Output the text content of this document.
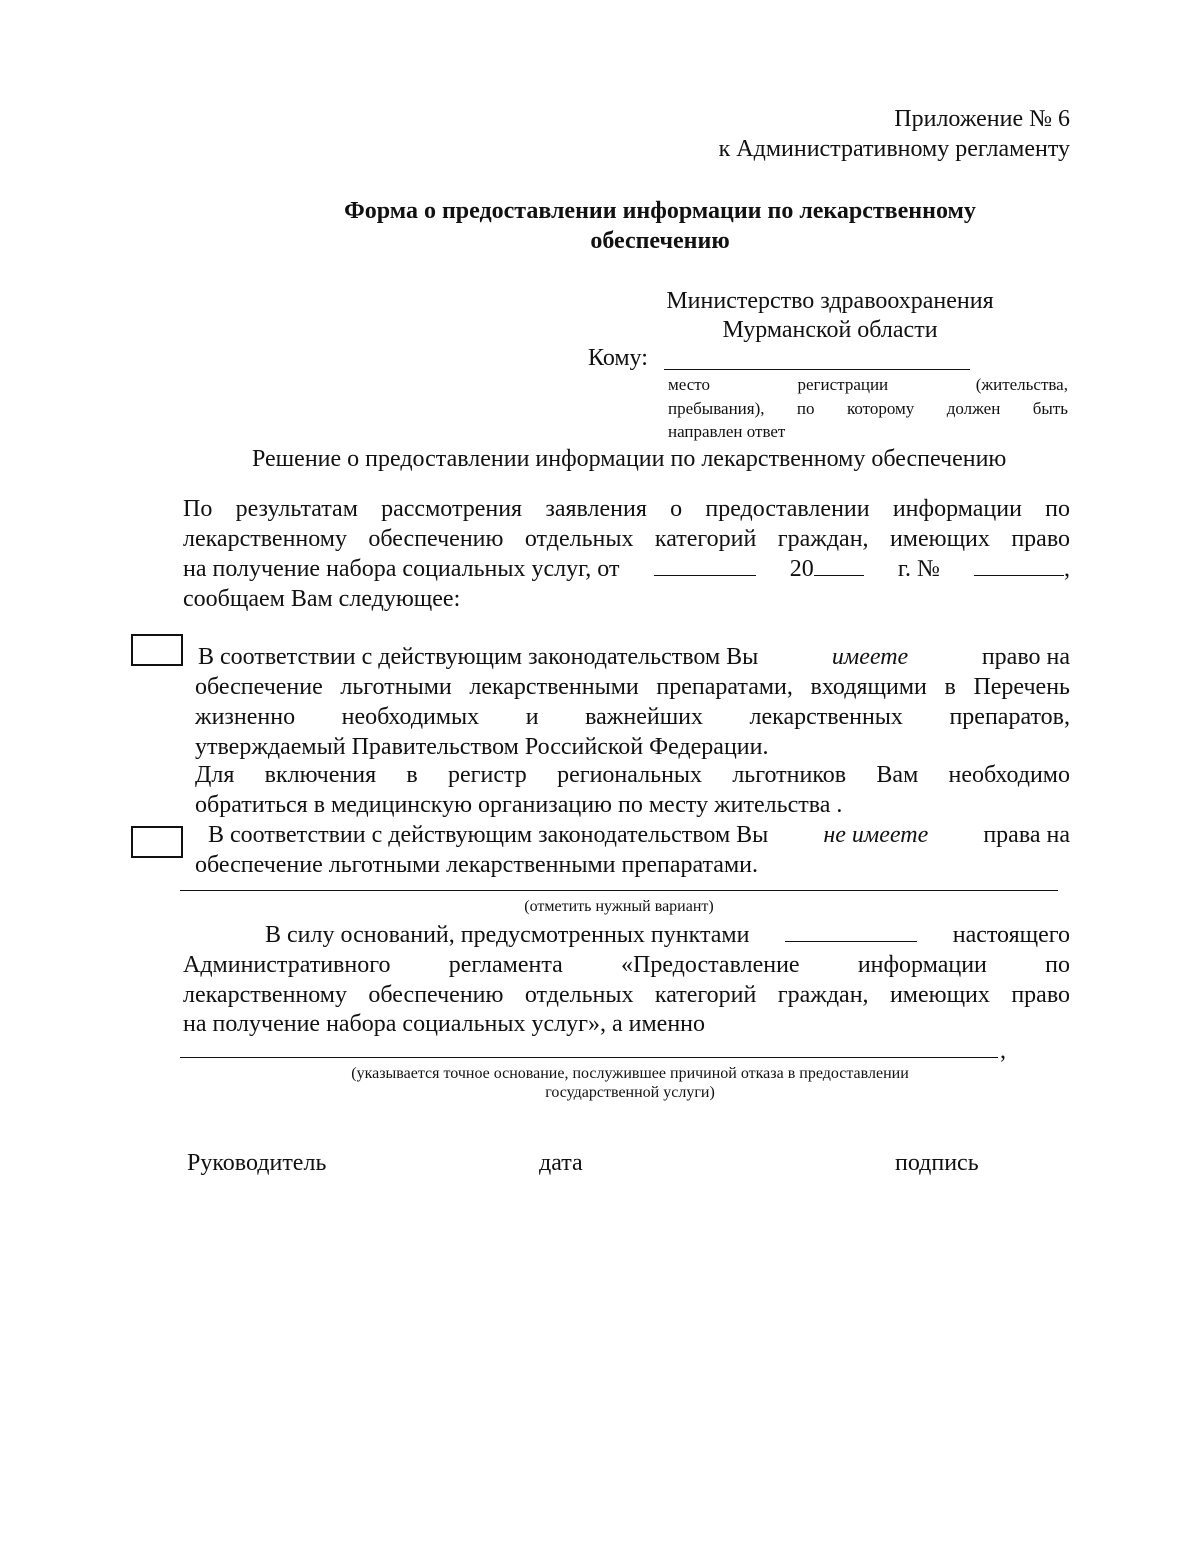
Приложение № 6
к Административному регламенту
Форма о предоставлении информации по лекарственному
обеспечению
Министерство здравоохранения
Мурманской области
Кому:
место	регистрации	(жительства,
пребывания), по которому должен быть
направлен ответ
Решение о предоставлении информации по лекарственному обеспечению
По результатам рассмотрения заявления о предоставлении информации по
лекарственному обеспечению отдельных категорий граждан, имеющих право
на получение набора социальных услуг, от	20	г. №	,
сообщаем Вам следующее:
В соответствии с действующим законодательством Вы	имеете	право на
обеспечение льготными лекарственными препаратами, входящими в Перечень
жизненно необходимых и важнейших лекарственных препаратов,
утверждаемый Правительством Российской Федерации.
Для включения в регистр региональных льготников Вам необходимо
обратиться в медицинскую организацию по месту жительства .
В соответствии с действующим законодательством Вы не имеете права на
обеспечение льготными лекарственными препаратами.
(отметить нужный вариант)
В силу оснований, предусмотренных пунктами	настоящего
Административного регламента «Предоставление информации по
лекарственному обеспечению отдельных категорий граждан, имеющих право
на получение набора социальных услуг», а именно
,
(указывается точное основание, послужившее причиной отказа в предоставлении
государственной услуги)
Руководитель	дата	подпись
